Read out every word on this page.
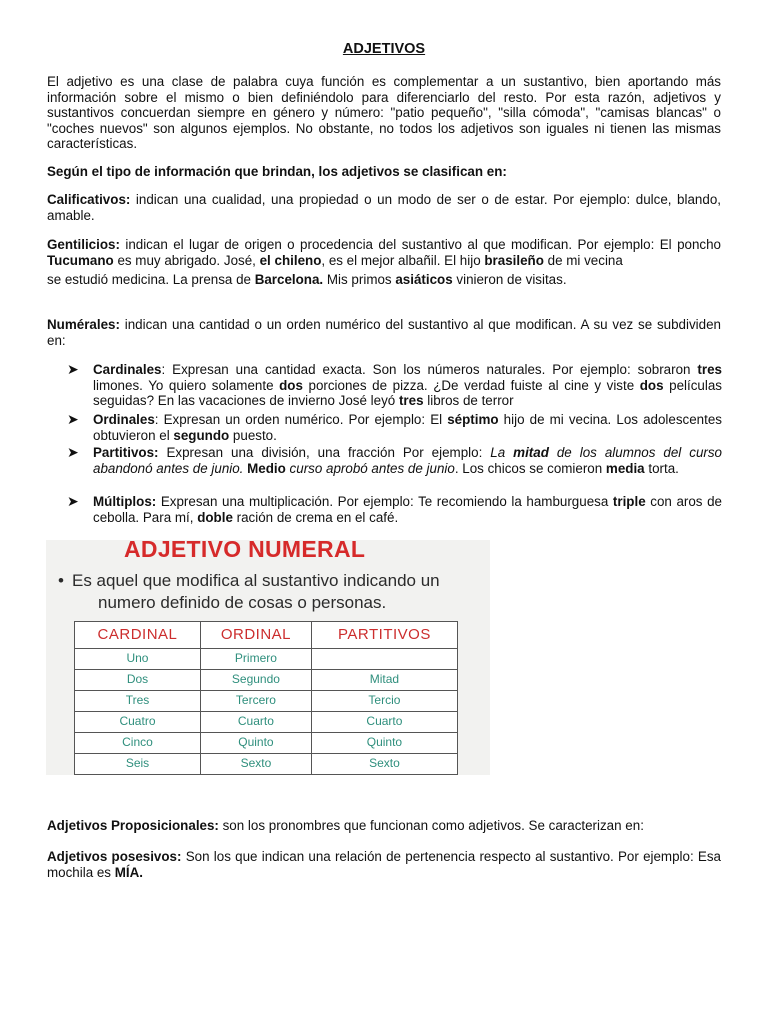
ADJETIVOS

El adjetivo es una clase de palabra cuya función es complementar a un sustantivo, bien aportando más información sobre el mismo o bien definiéndolo para diferenciarlo del resto. Por esta razón, adjetivos y sustantivos concuerdan siempre en género y número: "patio pequeño", "silla cómoda", "camisas blancas" o "coches nuevos" son algunos ejemplos. No obstante, no todos los adjetivos son iguales ni tienen las mismas características.

Según el tipo de información que brindan, los adjetivos se clasifican en:

Calificativos: indican una cualidad, una propiedad o un modo de ser o de estar. Por ejemplo: dulce, blando, amable.

Gentilicios: indican el lugar de origen o procedencia del sustantivo al que modifican. Por ejemplo: El poncho Tucumano es muy abrigado. José, el chileno, es el mejor albañil. El hijo brasileño de mi vecina
se estudió medicina. La prensa de Barcelona. Mis primos asiáticos vinieron de visitas.

Numérales: indican una cantidad o un orden numérico del sustantivo al que modifican. A su vez se subdividen en:

➤ Cardinales: Expresan una cantidad exacta. Son los números naturales. Por ejemplo: sobraron tres limones. Yo quiero solamente dos porciones de pizza. ¿De verdad fuiste al cine y viste dos películas seguidas? En las vacaciones de invierno José leyó tres libros de terror
➤ Ordinales: Expresan un orden numérico. Por ejemplo: El séptimo hijo de mi vecina. Los adolescentes obtuvieron el segundo puesto.
➤ Partitivos: Expresan una división, una fracción Por ejemplo: La mitad de los alumnos del curso abandonó antes de junio. Medio curso aprobó antes de junio. Los chicos se comieron media torta.
➤ Múltiplos: Expresan una multiplicación. Por ejemplo: Te recomiendo la hamburguesa triple con aros de cebolla. Para mí, doble ración de crema en el café.
ADJETIVO NUMERAL
• Es aquel que modifica al sustantivo indicando un
numero definido de cosas o personas.
CARDINAL	ORDINAL	PARTITIVOS
Uno	Primero	
Dos	Segundo	Mitad
Tres	Tercero	Tercio
Cuatro	Cuarto	Cuarto
Cinco	Quinto	Quinto
Seis	Sexto	Sexto

Adjetivos Proposicionales: son los pronombres que funcionan como adjetivos. Se caracterizan en:

Adjetivos posesivos: Son los que indican una relación de pertenencia respecto al sustantivo. Por ejemplo: Esa mochila es MÍA.
